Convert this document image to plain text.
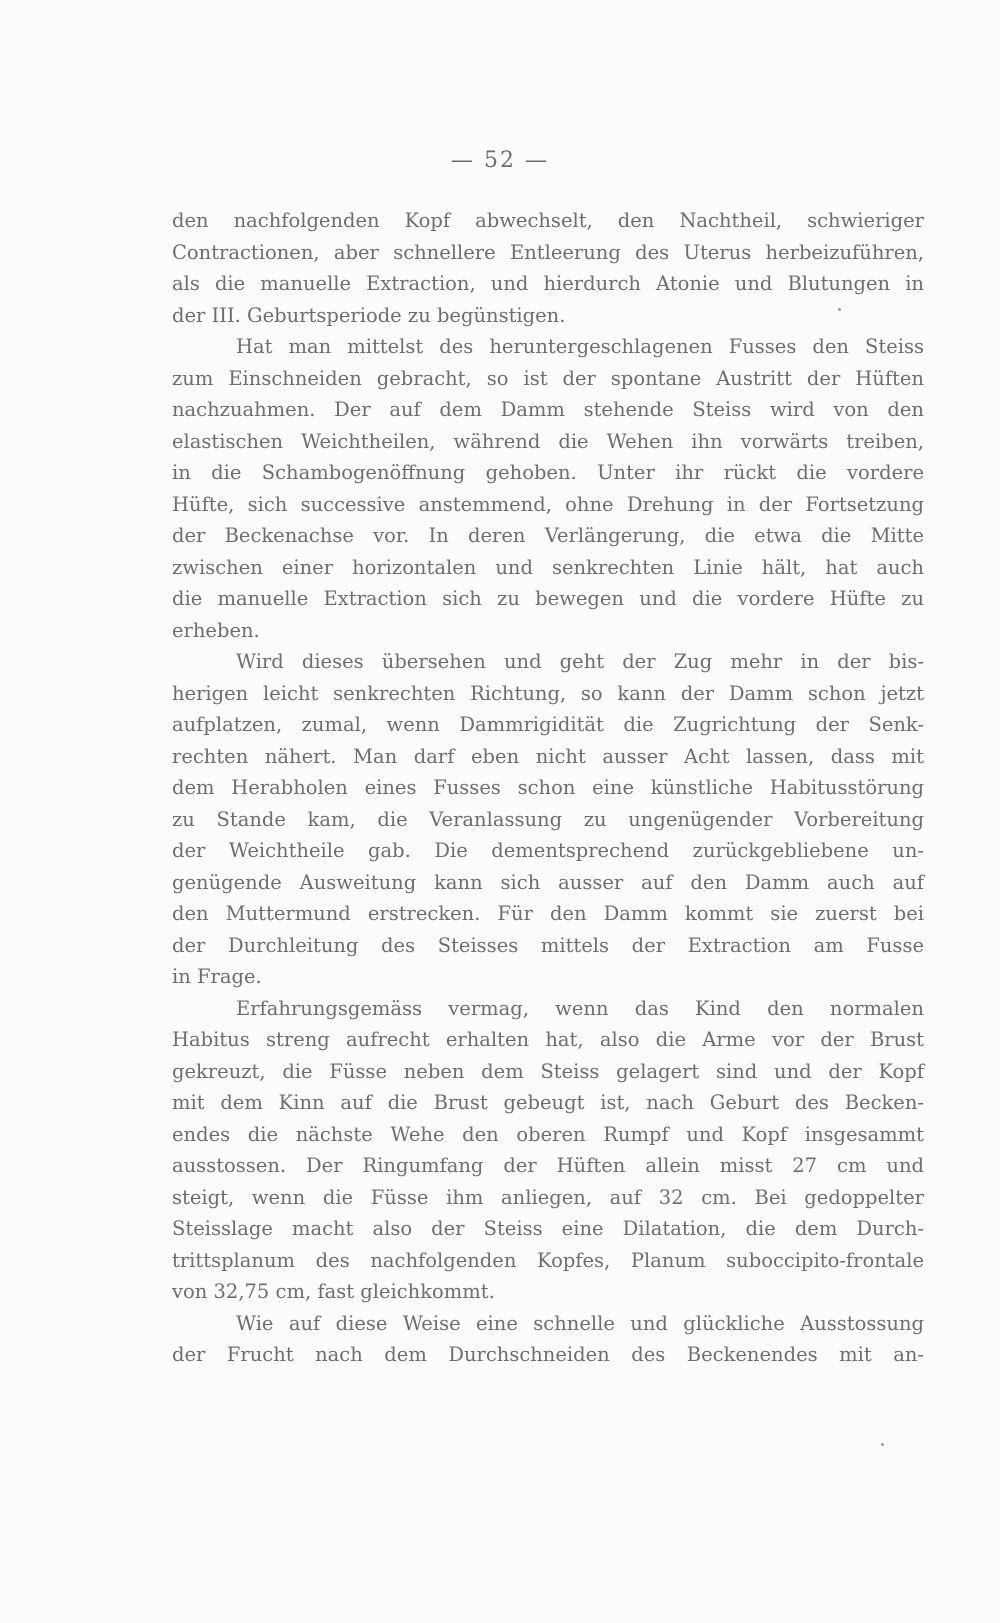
— 52 —
den nachfolgenden Kopf abwechselt, den Nachtheil, schwieriger
Contractionen, aber schnellere Entleerung des Uterus herbeizuführen,
als die manuelle Extraction, und hierdurch Atonie und Blutungen in
der III. Geburtsperiode zu begünstigen.
Hat man mittelst des heruntergeschlagenen Fusses den Steiss
zum Einschneiden gebracht, so ist der spontane Austritt der Hüften
nachzuahmen. Der auf dem Damm stehende Steiss wird von den
elastischen Weichtheilen, während die Wehen ihn vorwärts treiben,
in die Schambogenöffnung gehoben. Unter ihr rückt die vordere
Hüfte, sich successive anstemmend, ohne Drehung in der Fortsetzung
der Beckenachse vor. In deren Verlängerung, die etwa die Mitte
zwischen einer horizontalen und senkrechten Linie hält, hat auch
die manuelle Extraction sich zu bewegen und die vordere Hüfte zu
erheben.
Wird dieses übersehen und geht der Zug mehr in der bis-
herigen leicht senkrechten Richtung, so kann der Damm schon jetzt
aufplatzen, zumal, wenn Dammrigidität die Zugrichtung der Senk-
rechten nähert. Man darf eben nicht ausser Acht lassen, dass mit
dem Herabholen eines Fusses schon eine künstliche Habitusstörung
zu Stande kam, die Veranlassung zu ungenügender Vorbereitung
der Weichtheile gab. Die dementsprechend zurückgebliebene un-
genügende Ausweitung kann sich ausser auf den Damm auch auf
den Muttermund erstrecken. Für den Damm kommt sie zuerst bei
der Durchleitung des Steisses mittels der Extraction am Fusse
in Frage.
Erfahrungsgemäss vermag, wenn das Kind den normalen
Habitus streng aufrecht erhalten hat, also die Arme vor der Brust
gekreuzt, die Füsse neben dem Steiss gelagert sind und der Kopf
mit dem Kinn auf die Brust gebeugt ist, nach Geburt des Becken-
endes die nächste Wehe den oberen Rumpf und Kopf insgesammt
ausstossen. Der Ringumfang der Hüften allein misst 27 cm und
steigt, wenn die Füsse ihm anliegen, auf 32 cm. Bei gedoppelter
Steisslage macht also der Steiss eine Dilatation, die dem Durch-
trittsplanum des nachfolgenden Kopfes, Planum suboccipito-frontale
von 32,75 cm, fast gleichkommt.
Wie auf diese Weise eine schnelle und glückliche Ausstossung
der Frucht nach dem Durchschneiden des Beckenendes mit an-
